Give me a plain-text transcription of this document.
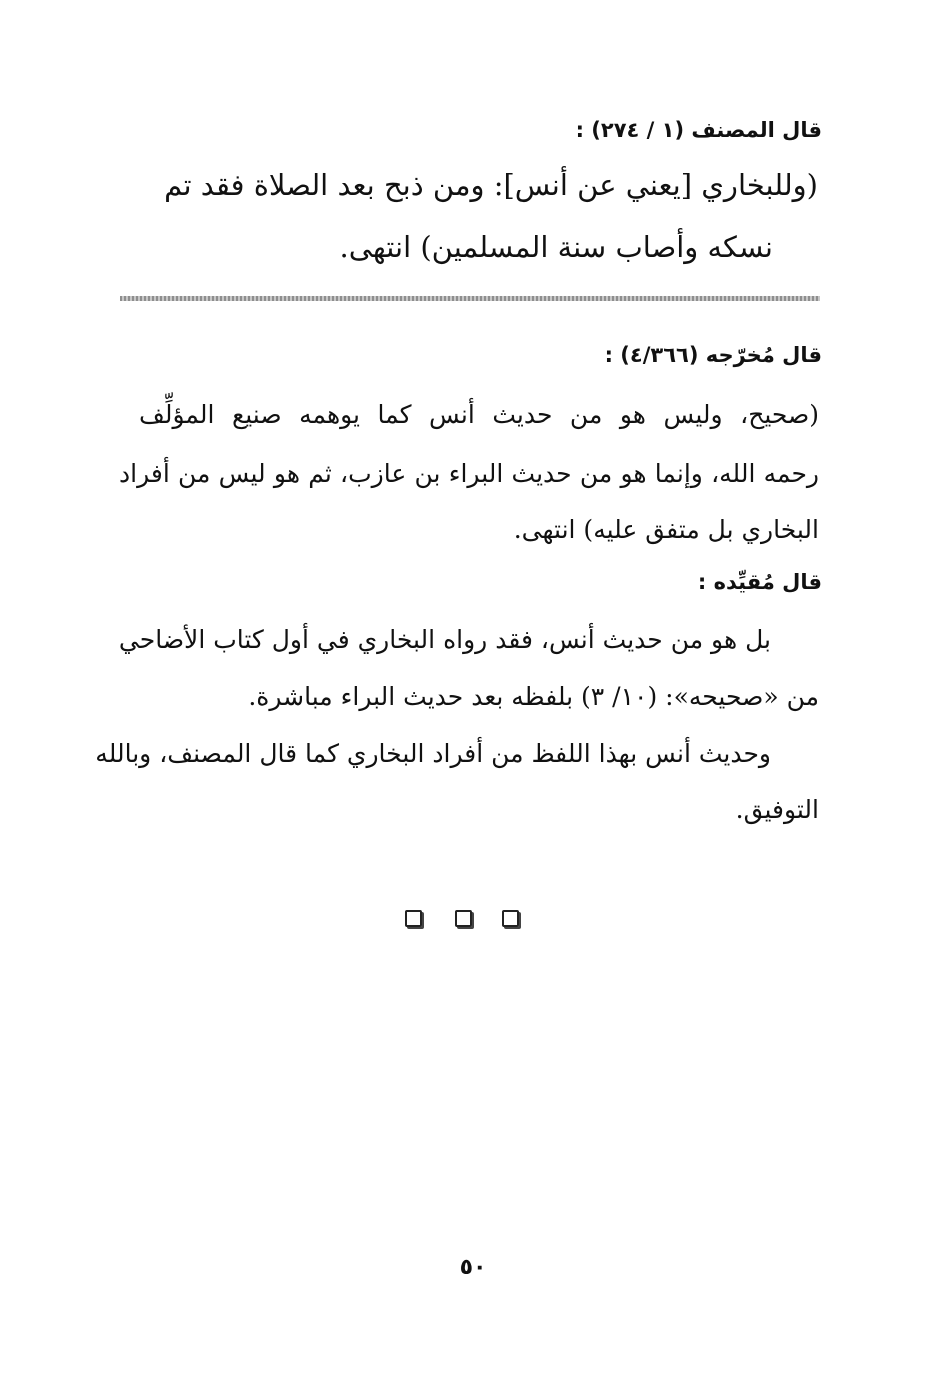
قال المصنف (١ / ٢٧٤) :
(وللبخاري [يعني عن أنس]: ومن ذبح بعد الصلاة فقد تم
نسكه وأصاب سنة المسلمين) انتهى.
قال مُخرّجه (٤/٣٦٦) :
(صحيح، وليس هو من حديث أنس كما يوهمه صنيع المؤلِّف
رحمه الله، وإنما هو من حديث البراء بن عازب، ثم هو ليس من أفراد
البخاري بل متفق عليه) انتهى.
قال مُقيِّده :
بل هو من حديث أنس، فقد رواه البخاري في أول كتاب الأضاحي
من «صحيحه»: (١٠/ ٣) بلفظه بعد حديث البراء مباشرة.
وحديث أنس بهذا اللفظ من أفراد البخاري كما قال المصنف، وبالله
التوفيق.
٥٠
